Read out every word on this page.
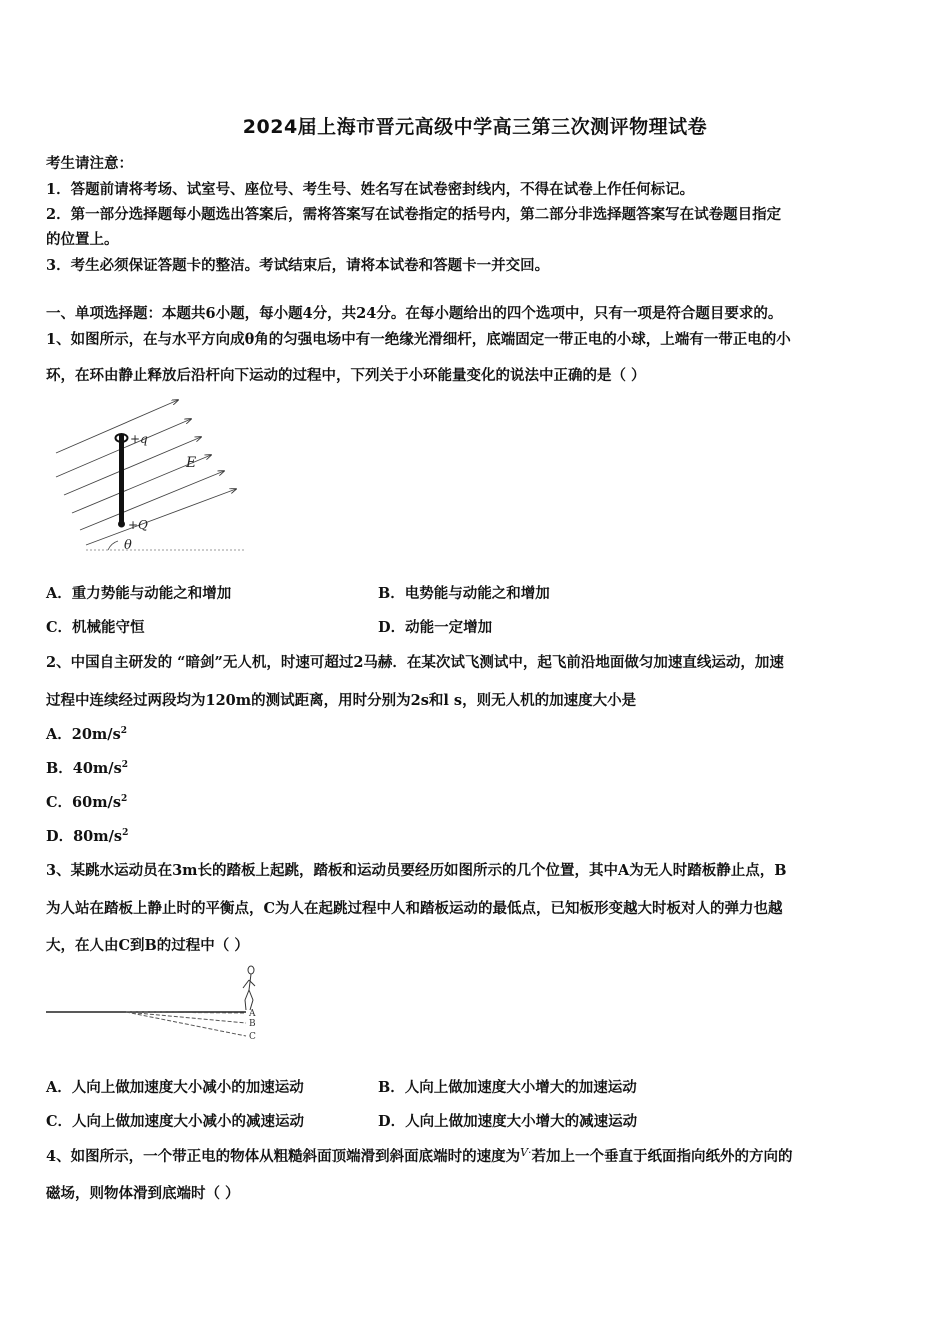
2024届上海市晋元高级中学高三第三次测评物理试卷
考生请注意：
1．答题前请将考场、试室号、座位号、考生号、姓名写在试卷密封线内，不得在试卷上作任何标记。
2．第一部分选择题每小题选出答案后，需将答案写在试卷指定的括号内，第二部分非选择题答案写在试卷题目指定
的位置上。
3．考生必须保证答题卡的整洁。考试结束后，请将本试卷和答题卡一并交回。
一、单项选择题：本题共6小题，每小题4分，共24分。在每小题给出的四个选项中，只有一项是符合题目要求的。
1、如图所示，在与水平方向成θ角的匀强电场中有一绝缘光滑细杆，底端固定一带正电的小球，上端有一带正电的小
环，在环由静止释放后沿杆向下运动的过程中，下列关于小环能量变化的说法中正确的是（ ）
+q
+Q
E
θ
A．重力势能与动能之和增加	B．电势能与动能之和增加
C．机械能守恒	D．动能一定增加
2、中国自主研发的 “暗剑”无人机，时速可超过2马赫．在某次试飞测试中，起飞前沿地面做匀加速直线运动，加速
过程中连续经过两段均为120m的测试距离，用时分别为2s和l s，则无人机的加速度大小是
A．$20m/s^2$
B．$40m/s^2$
C．$60m/s^2$
D．$80m/s^2$
3、某跳水运动员在3m长的踏板上起跳，踏板和运动员要经历如图所示的几个位置，其中A为无人时踏板静止点，B
为人站在踏板上静止时的平衡点，C为人在起跳过程中人和踏板运动的最低点，已知板形变越大时板对人的弹力也越
大，在人由C到B的过程中（ ）
A
B
C
A．人向上做加速度大小减小的加速运动	B．人向上做加速度大小增大的加速运动
C．人向上做加速度大小减小的减速运动	D．人向上做加速度大小增大的减速运动
4、如图所示，一个带正电的物体从粗糙斜面顶端滑到斜面底端时的速度为$^{V\cdot}$若加上一个垂直于纸面指向纸外的方向的
磁场，则物体滑到底端时（ ）
